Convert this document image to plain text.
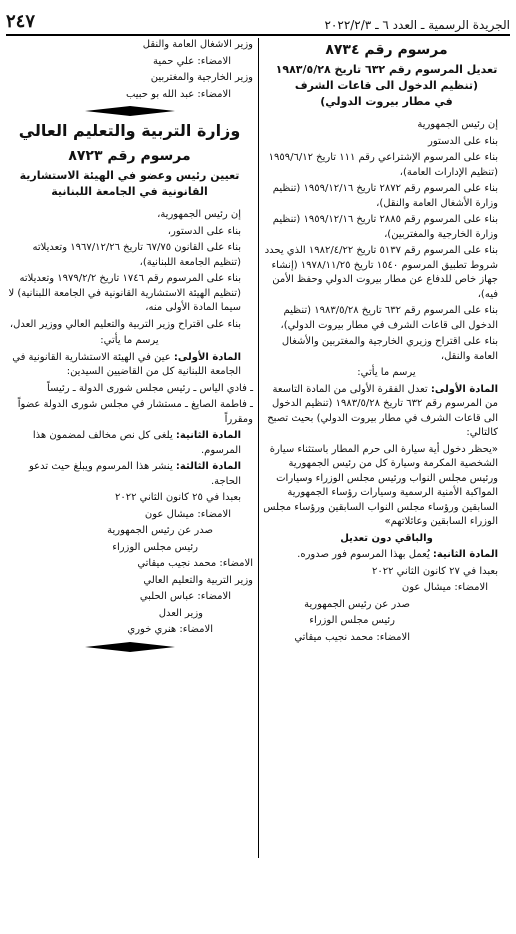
الجريدة الرسمية ـ العدد ٦ ـ ٢٠٢٢/٢/٣
٢٤٧
مرسوم رقم ٨٧٣٤
تعديل المرسوم رقم ٦٣٢ تاريخ ١٩٨٣/٥/٢٨
(تنظيم الدخول الى قاعات الشرف
في مطار بيروت الدولي)

إن رئيس الجمهورية

بناء على الدستور

بناء على المرسوم الإشتراعي رقم ١١١ تاريخ ١٩٥٩/٦/١٢ (تنظيم الإدارات العامة)،

بناء على المرسوم رقم ٢٨٧٢ تاريخ ١٩٥٩/١٢/١٦ (تنظيم وزارة الأشغال العامة والنقل)،

بناء على المرسوم رقم ٢٨٨٥ تاريخ ١٩٥٩/١٢/١٦ (تنظيم وزارة الخارجية والمغتربين)،

بناء على المرسوم رقم ٥١٣٧ تاريخ ١٩٨٢/٤/٢٢ الذي يحدد شروط تطبيق المرسوم ١٥٤٠ تاريخ ١٩٧٨/١١/٢٥ (إنشاء جهاز خاص للدفاع عن مطار بيروت الدولي وحفظ الأمن فيه)،

بناء على المرسوم رقم ٦٣٢ تاريخ ١٩٨٣/٥/٢٨ (تنظيم الدخول الى قاعات الشرف في مطار بيروت الدولي)،

بناء على اقتراح وزيري الخارجية والمغتربين والأشغال العامة والنقل،

يرسم ما يأتي:

المادة الأولى: تعدل الفقرة الأولى من المادة التاسعة من المرسوم رقم ٦٣٢ تاريخ ١٩٨٣/٥/٢٨ (تنظيم الدخول الى قاعات الشرف في مطار بيروت الدولي) بحيث تصبح كالتالي:

«يحظر دخول أية سيارة الى حرم المطار باستثناء سيارة الشخصية المكرمة وسيارة كل من رئيس الجمهورية ورئيس مجلس النواب ورئيس مجلس الوزراء وسيارات المواكبة الأمنية الرسمية وسيارات رؤساء الجمهورية السابقين ورؤساء مجلس النواب السابقين ورؤساء مجلس الوزراء السابقين وعائلاتهم»

والباقي دون تعديل

المادة الثانية: يُعمل بهذا المرسوم فور صدوره.

بعبدا في ٢٧ كانون الثاني ٢٠٢٢

الامضاء: ميشال عون

صدر عن رئيس الجمهورية

رئيس مجلس الوزراء

الامضاء: محمد نجيب ميقاتي

وزير الاشغال العامة والنقل

الامضاء: علي حمية

وزير الخارجية والمغتربين

الامضاء: عبد الله بو حبيب

وزارة التربية والتعليم العالي
مرسوم رقم ٨٧٢٣
تعيين رئيس وعضو في الهيئة الاستشارية
القانونية في الجامعة اللبنانية

إن رئيس الجمهورية،

بناء على الدستور،

بناء على القانون ٦٧/٧٥ تاريخ ١٩٦٧/١٢/٢٦ وتعديلاته (تنظيم الجامعة اللبنانية)،

بناء على المرسوم رقم ١٧٤٦ تاريخ ١٩٧٩/٢/٢ وتعديلاته (تنظيم الهيئة الاستشارية القانونية في الجامعة اللبنانية) لا سيما المادة الأولى منه،

بناء على اقتراح وزير التربية والتعليم العالي ووزير العدل،

يرسم ما يأتي:

المادة الأولى: عين في الهيئة الاستشارية القانونية في الجامعة اللبنانية كل من القاضيين السيدين:

ـ فادي الياس ـ رئيس مجلس شورى الدولة ـ رئيساً

ـ فاطمة الصايغ ـ مستشار في مجلس شورى الدولة عضواً ومقرراً

المادة الثانية: يلغى كل نص مخالف لمضمون هذا المرسوم.

المادة الثالثة: ينشر هذا المرسوم ويبلغ حيث تدعو الحاجة.

بعبدا في ٢٥ كانون الثاني ٢٠٢٢

الامضاء: ميشال عون

صدر عن رئيس الجمهورية

رئيس مجلس الوزراء

الامضاء: محمد نجيب ميقاتي

وزير التربية والتعليم العالي

الامضاء: عباس الحلبي

وزير العدل

الامضاء: هنري خوري
